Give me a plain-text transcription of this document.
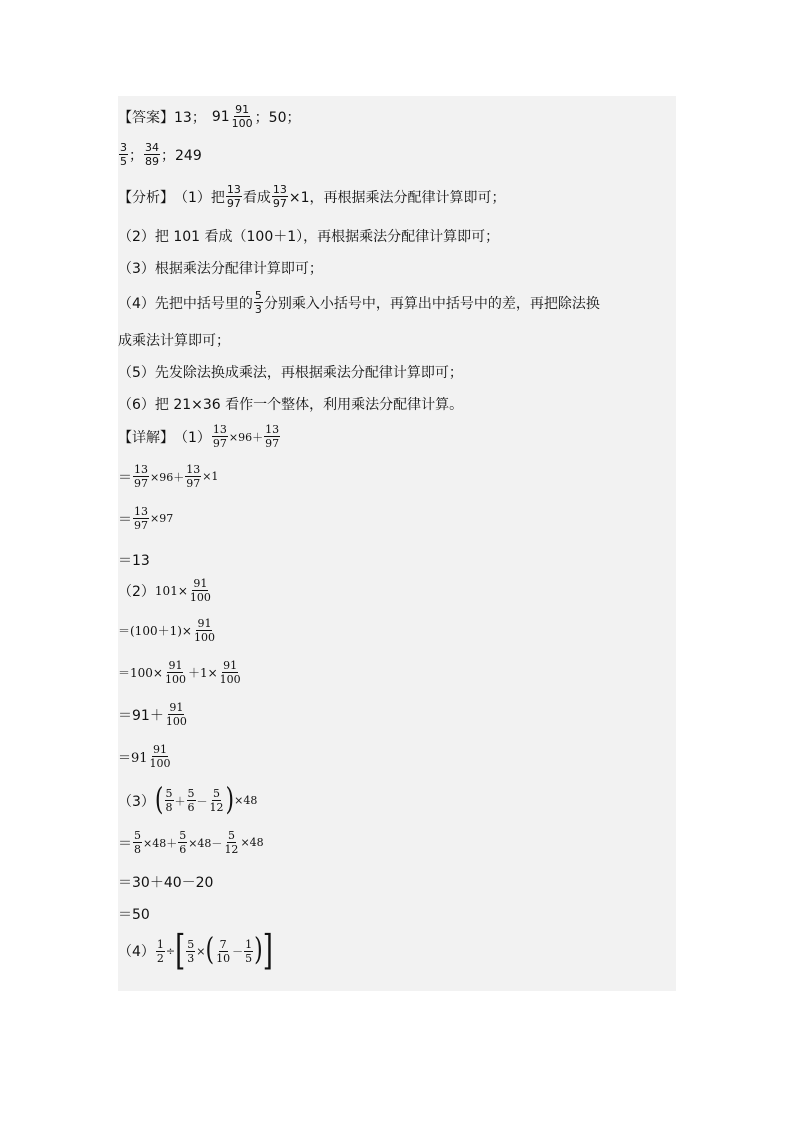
【答案】 13； $91 \frac{91}{100}$ ；50；
$\frac{3}{5}$ ； $\frac{34}{89}$ ；249
【分析】 （1）把 $\frac{13}{97}$ 看成 $\frac{13}{97} \times 1$，再根据乘法分配律计算即可；
（2）把 101 看成（100＋1），再根据乘法分配律计算即可；
（3）根据乘法分配律计算即可；
（4）先把中括号里的 $\frac{5}{3}$ 分别乘入小括号中，再算出中括号中的差，再把除法换
成乘法计算即可；
（5）先发除法换成乘法，再根据乘法分配律计算即可；
（6）把 21×36 看作一个整体，利用乘法分配律计算。
【详解】 $(1) \frac{13}{97} \times 96+ \frac{13}{97}$
＝ $\frac{13}{97} \times 96+ \frac{13}{97} \times 1$
＝ $\frac{13}{97} \times 97$
＝13
（2） $101\times \frac{91}{100}$
$=(100+1)\times \frac{91}{100}$
$=100\times \frac{91}{100} +1\times \frac{91}{100}$
$=91+ \frac{91}{100}$
$=91 \frac{91}{100}$
（3） ( $\frac{5}{8} + \frac{5}{6} - \frac{5}{12}$ ) ×48
＝ $\frac{5}{8} \times 48+ \frac{5}{6} \times 48- \frac{5}{12} \times 48$
＝30＋40－20
＝50
$(4) \frac{1}{2}$ ÷ [ $\frac{5}{3}$ × ( $\frac{7}{10} - \frac{1}{5}$ ) ]
